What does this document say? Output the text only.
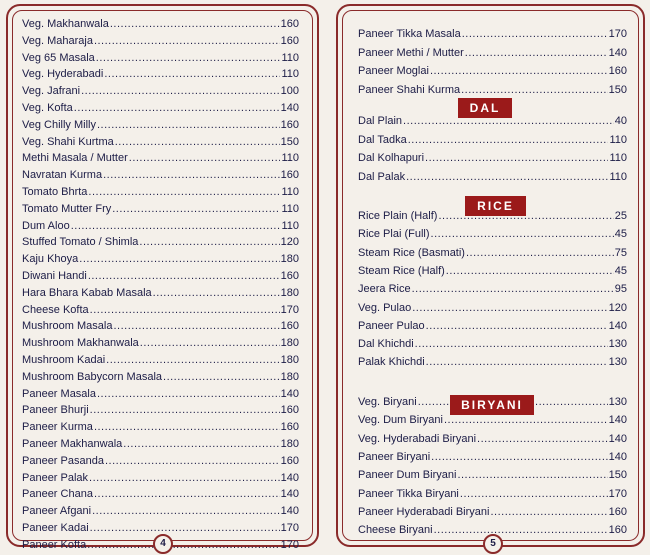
Veg. Makhanwala .....	160
Veg. Maharaja .....	160
Veg 65 Masala .....	110
Veg. Hyderabadi .....	110
Veg. Jafrani .....	100
Veg. Kofta .....	140
Veg Chilly Milly .....	160
Veg. Shahi Kurtma .....	150
Methi Masala / Mutter .....	110
Navratan Kurma .....	160
Tomato Bhrta .....	110
Tomato Mutter Fry .....	110
Dum Aloo .....	110
Stuffed Tomato / Shimla .....	120
Kaju Khoya .....	180
Diwani Handi .....	160
Hara Bhara Kabab Masala .....	180
Cheese Kofta .....	170
Mushroom Masala .....	160
Mushroom Makhanwala .....	180
Mushroom Kadai .....	180
Mushroom Babycorn Masala .....	180
Paneer Masala .....	140
Paneer Bhurji .....	160
Paneer Kurma .....	160
Paneer Makhanwala .....	180
Paneer Pasanda .....	160
Paneer Palak .....	140
Paneer Chana .....	140
Paneer Afgani .....	140
Paneer Kadai .....	170
Paneer Kofta .....	170
4
Paneer Tikka Masala .....	170
Paneer Methi / Mutter .....	140
Paneer Moglai .....	160
Paneer Shahi Kurma .....	150
Dal Plain .....	40
Dal Tadka .....	110
Dal Kolhapuri .....	110
Dal Palak .....	110
Rice Plain (Half) .....	25
Rice Plai (Full) .....	45
Steam Rice (Basmati) .....	75
Steam Rice (Half) .....	45
Jeera Rice .....	95
Veg. Pulao .....	120
Paneer Pulao .....	140
Dal Khichdi .....	130
Palak Khichdi .....	130
Veg. Biryani .....	130
Veg. Dum Biryani .....	140
Veg. Hyderabadi Biryani .....	140
Paneer Biryani .....	140
Paneer Dum Biryani .....	150
Paneer Tikka Biryani .....	170
Paneer Hyderabadi Biryani .....	160
Cheese Biryani .....	160
DAL
RICE
BIRYANI
5
